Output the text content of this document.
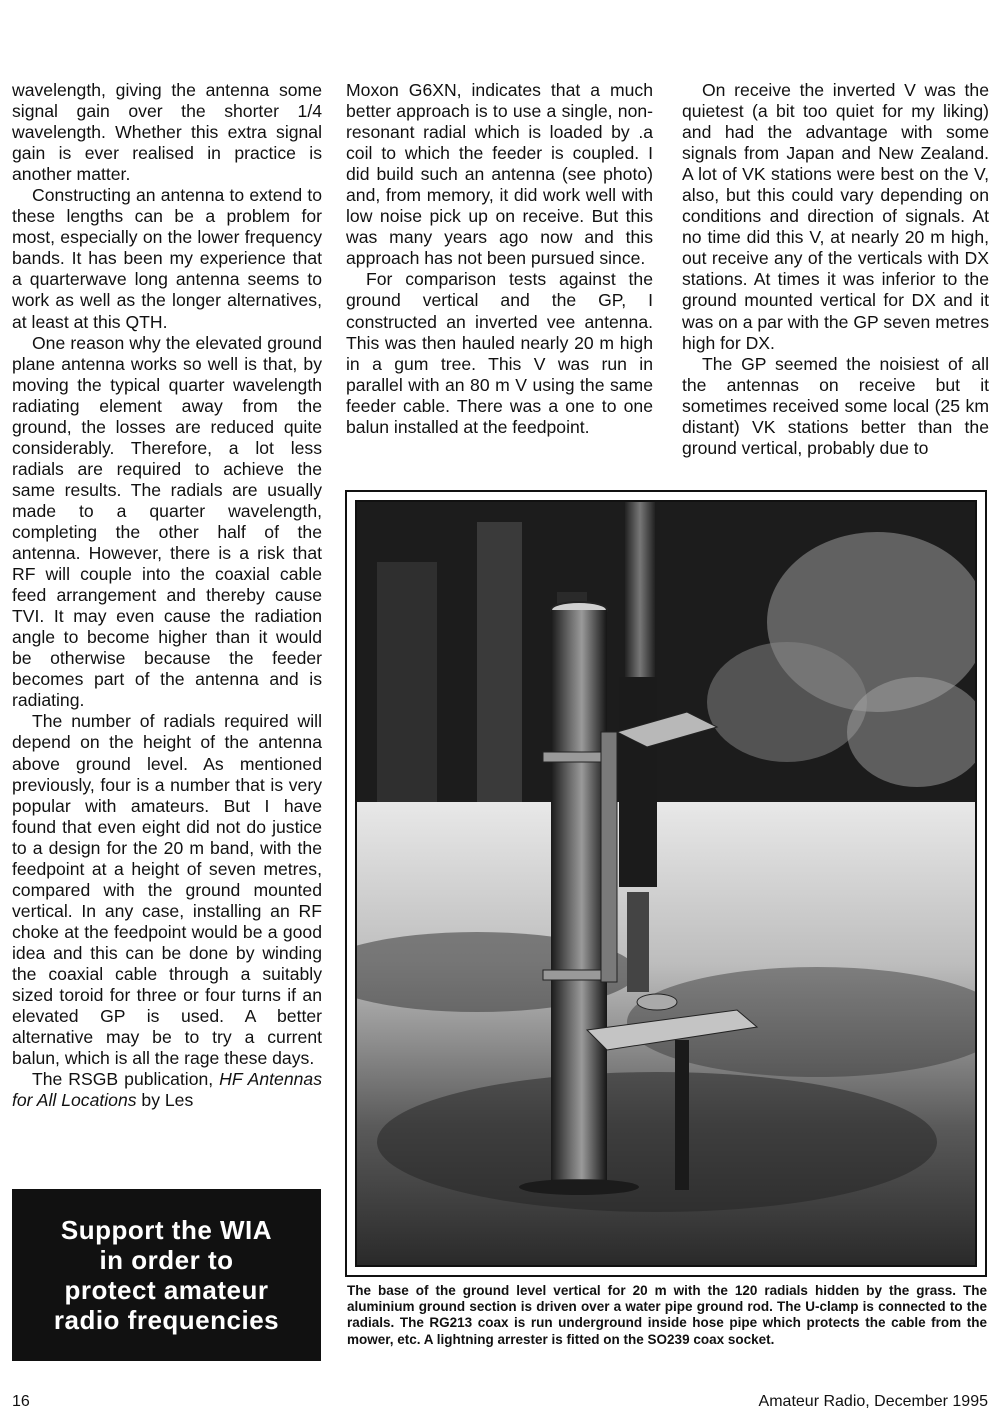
wavelength, giving the antenna some signal gain over the shorter 1/4 wavelength. Whether this extra signal gain is ever realised in practice is another matter.

Constructing an antenna to extend to these lengths can be a problem for most, especially on the lower frequency bands. It has been my experience that a quarterwave long antenna seems to work as well as the longer alternatives, at least at this QTH.

One reason why the elevated ground plane antenna works so well is that, by moving the typical quarter wavelength radiating element away from the ground, the losses are reduced quite considerably. Therefore, a lot less radials are required to achieve the same results. The radials are usually made to a quarter wavelength, completing the other half of the antenna. However, there is a risk that RF will couple into the coaxial cable feed arrangement and thereby cause TVI. It may even cause the radiation angle to become higher than it would be otherwise because the feeder becomes part of the antenna and is radiating.

The number of radials required will depend on the height of the antenna above ground level. As mentioned previously, four is a number that is very popular with amateurs. But I have found that even eight did not do justice to a design for the 20 m band, with the feedpoint at a height of seven metres, compared with the ground mounted vertical. In any case, installing an RF choke at the feedpoint would be a good idea and this can be done by winding the coaxial cable through a suitably sized toroid for three or four turns if an elevated GP is used. A better alternative may be to try a current balun, which is all the rage these days.

The RSGB publication, HF Antennas for All Locations by Les

Moxon G6XN, indicates that a much better approach is to use a single, non-resonant radial which is loaded by .a coil to which the feeder is coupled. I did build such an antenna (see photo) and, from memory, it did work well with low noise pick up on receive. But this was many years ago now and this approach has not been pursued since.

For comparison tests against the ground vertical and the GP, I constructed an inverted vee antenna. This was then hauled nearly 20 m high in a gum tree. This V was run in parallel with an 80 m V using the same feeder cable. There was a one to one balun installed at the feedpoint.

On receive the inverted V was the quietest (a bit too quiet for my liking) and had the advantage with some signals from Japan and New Zealand. A lot of VK stations were best on the V, also, but this could vary depending on conditions and direction of signals. At no time did this V, at nearly 20 m high, out receive any of the verticals with DX stations. At times it was inferior to the ground mounted vertical for DX and it was on a par with the GP seven metres high for DX.

The GP seemed the noisiest of all the antennas on receive but it sometimes received some local (25 km distant) VK stations better than the ground vertical, probably due to

Support the WIA
in order to
protect amateur
radio frequencies
The base of the ground level vertical for 20 m with the 120 radials hidden by the grass. The aluminium ground section is driven over a water pipe ground rod. The U-clamp is connected to the radials. The RG213 coax is run underground inside hose pipe which protects the cable from the mower, etc. A lightning arrester is fitted on the SO239 coax socket.
16	Amateur Radio, December 1995
